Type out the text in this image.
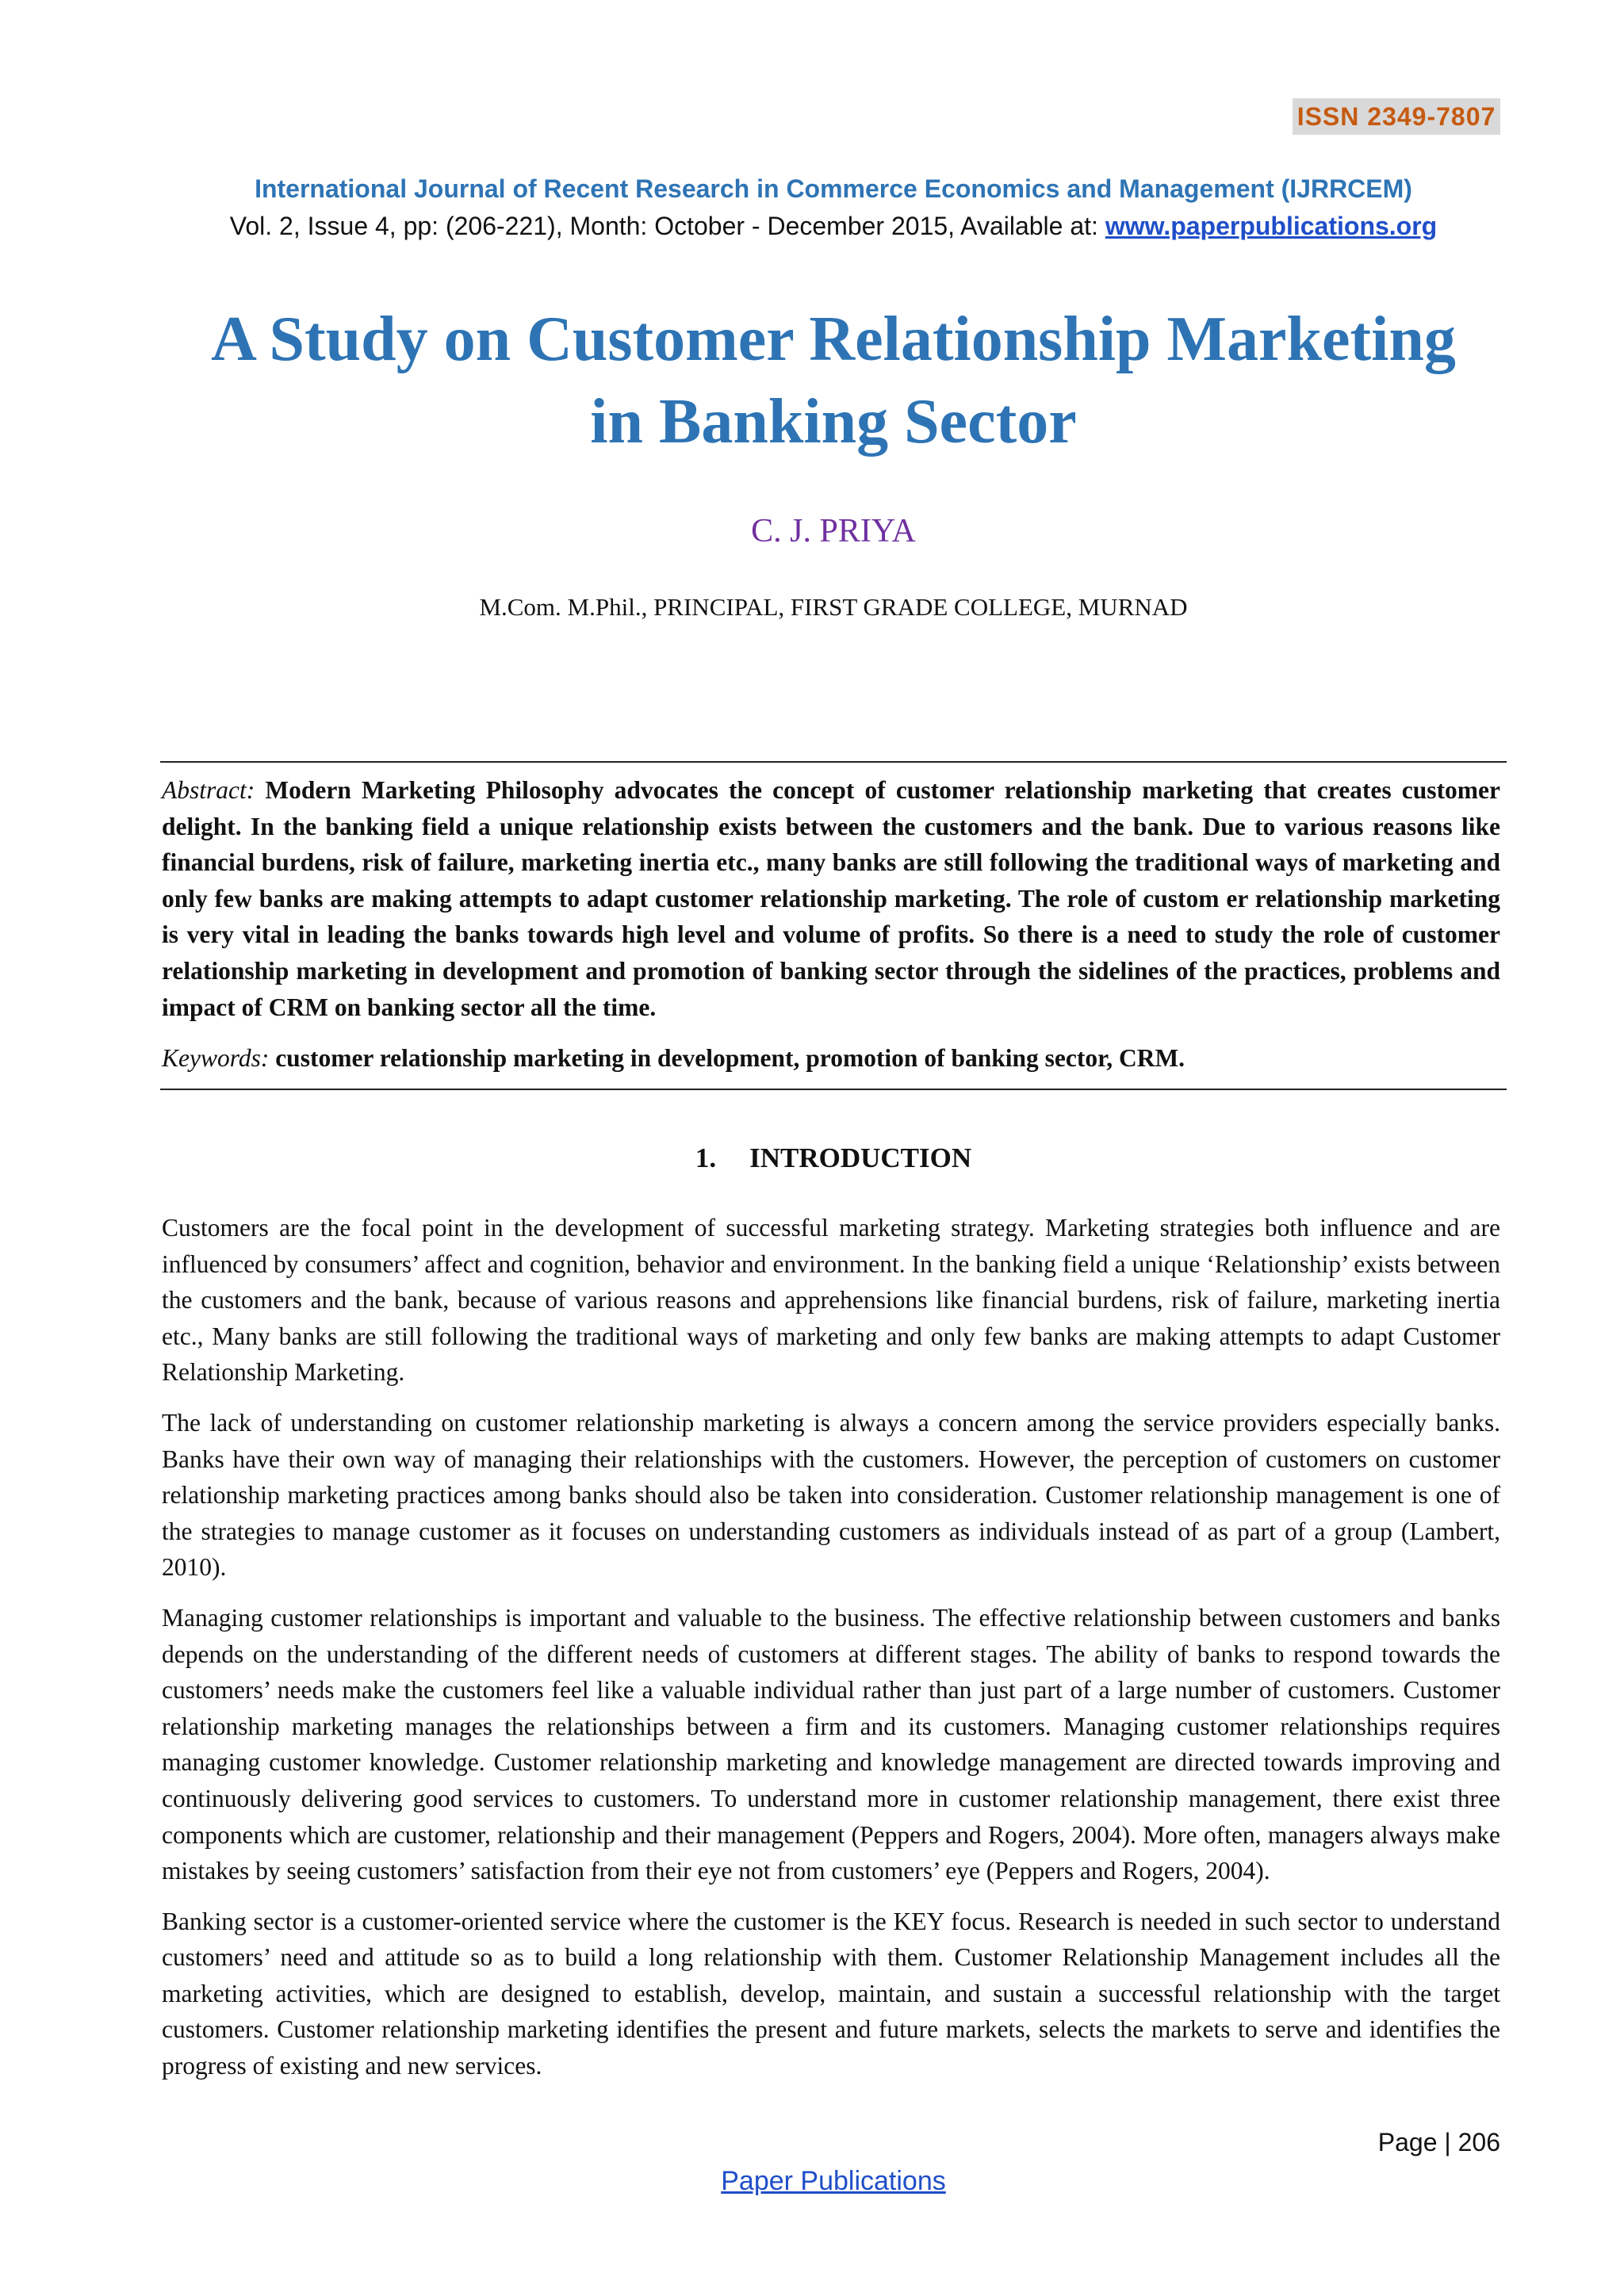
ISSN 2349-7807
International Journal of Recent Research in Commerce Economics and Management (IJRRCEM)
Vol. 2, Issue 4, pp: (206-221), Month: October - December 2015, Available at: www.paperpublications.org
A Study on Customer Relationship Marketing
in Banking Sector
C. J. PRIYA
M.Com. M.Phil., PRINCIPAL, FIRST GRADE COLLEGE, MURNAD
Abstract: Modern Marketing Philosophy advocates the concept of customer relationship marketing that creates customer delight. In the banking field a unique relationship exists between the customers and the bank. Due to various reasons like financial burdens, risk of failure, marketing inertia etc., many banks are still following the traditional ways of marketing and only few banks are making attempts to adapt customer relationship marketing. The role of custom er relationship marketing is very vital in leading the banks towards high level and volume of profits. So there is a need to study the role of customer relationship marketing in development and promotion of banking sector through the sidelines of the practices, problems and impact of CRM on banking sector all the time.
Keywords: customer relationship marketing in development, promotion of banking sector, CRM.
1. INTRODUCTION

Customers are the focal point in the development of successful marketing strategy. Marketing strategies both influence and are influenced by consumers’ affect and cognition, behavior and environment. In the banking field a unique ‘Relationship’ exists between the customers and the bank, because of various reasons and apprehensions like financial burdens, risk of failure, marketing inertia etc., Many banks are still following the traditional ways of marketing and only few banks are making attempts to adapt Customer Relationship Marketing.

The lack of understanding on customer relationship marketing is always a concern among the service providers especially banks. Banks have their own way of managing their relationships with the customers. However, the perception of customers on customer relationship marketing practices among banks should also be taken into consideration. Customer relationship management is one of the strategies to manage customer as it focuses on understanding customers as individuals instead of as part of a group (Lambert, 2010).

Managing customer relationships is important and valuable to the business. The effective relationship between customers and banks depends on the understanding of the different needs of customers at different stages. The ability of banks to respond towards the customers’ needs make the customers feel like a valuable individual rather than just part of a large number of customers. Customer relationship marketing manages the relationships between a firm and its customers. Managing customer relationships requires managing customer knowledge. Customer relationship marketing and knowledge management are directed towards improving and continuously delivering good services to customers. To understand more in customer relationship management, there exist three components which are customer, relationship and their management (Peppers and Rogers, 2004). More often, managers always make mistakes by seeing customers’ satisfaction from their eye not from customers’ eye (Peppers and Rogers, 2004).

Banking sector is a customer-oriented service where the customer is the KEY focus. Research is needed in such sector to understand customers’ need and attitude so as to build a long relationship with them. Customer Relationship Management includes all the marketing activities, which are designed to establish, develop, maintain, and sustain a successful relationship with the target customers. Customer relationship marketing identifies the present and future markets, selects the markets to serve and identifies the progress of existing and new services.

Page | 206
Paper Publications
